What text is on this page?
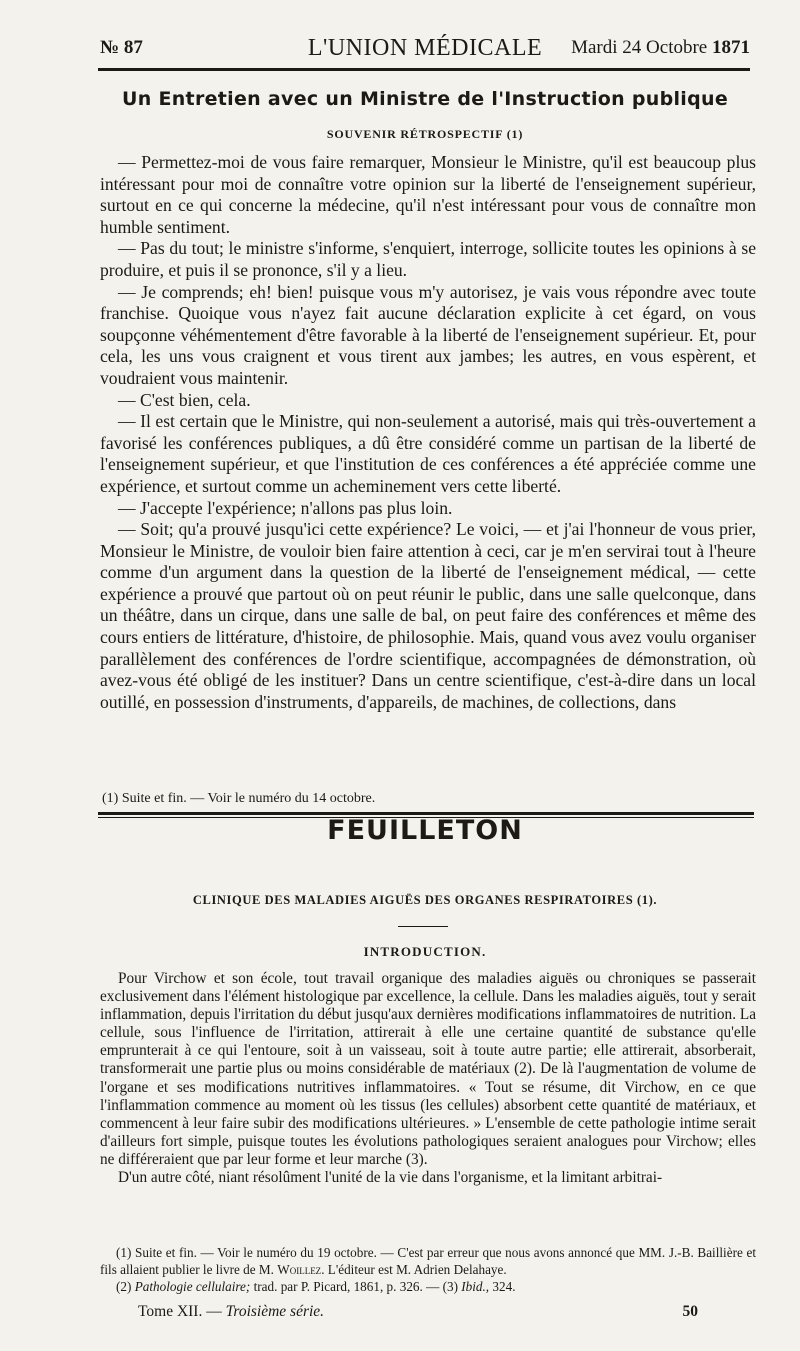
№ 87	L'UNION MÉDICALE	Mardi 24 Octobre 1871
Un Entretien avec un Ministre de l'Instruction publique
SOUVENIR RÉTROSPECTIF (1)

— Permettez-moi de vous faire remarquer, Monsieur le Ministre, qu'il est beaucoup plus intéressant pour moi de connaître votre opinion sur la liberté de l'enseignement supérieur, surtout en ce qui concerne la médecine, qu'il n'est intéressant pour vous de connaître mon humble sentiment.

— Pas du tout; le ministre s'informe, s'enquiert, interroge, sollicite toutes les opinions à se produire, et puis il se prononce, s'il y a lieu.

— Je comprends; eh! bien! puisque vous m'y autorisez, je vais vous répondre avec toute franchise. Quoique vous n'ayez fait aucune déclaration explicite à cet égard, on vous soupçonne véhémentement d'être favorable à la liberté de l'enseignement supérieur. Et, pour cela, les uns vous craignent et vous tirent aux jambes; les autres, en vous espèrent, et voudraient vous maintenir.

— C'est bien, cela.

— Il est certain que le Ministre, qui non-seulement a autorisé, mais qui très-ouvertement a favorisé les conférences publiques, a dû être considéré comme un partisan de la liberté de l'enseignement supérieur, et que l'institution de ces conférences a été appréciée comme une expérience, et surtout comme un acheminement vers cette liberté.

— J'accepte l'expérience; n'allons pas plus loin.

— Soit; qu'a prouvé jusqu'ici cette expérience? Le voici, — et j'ai l'honneur de vous prier, Monsieur le Ministre, de vouloir bien faire attention à ceci, car je m'en servirai tout à l'heure comme d'un argument dans la question de la liberté de l'enseignement médical, — cette expérience a prouvé que partout où on peut réunir le public, dans une salle quelconque, dans un théâtre, dans un cirque, dans une salle de bal, on peut faire des conférences et même des cours entiers de littérature, d'histoire, de philosophie. Mais, quand vous avez voulu organiser parallèlement des conférences de l'ordre scientifique, accompagnées de démonstration, où avez-vous été obligé de les instituer? Dans un centre scientifique, c'est-à-dire dans un local outillé, en possession d'instruments, d'appareils, de machines, de collections, dans

(1) Suite et fin. — Voir le numéro du 14 octobre.
FEUILLETON
CLINIQUE DES MALADIES AIGUËS DES ORGANES RESPIRATOIRES (1).
INTRODUCTION.

Pour Virchow et son école, tout travail organique des maladies aiguës ou chroniques se passerait exclusivement dans l'élément histologique par excellence, la cellule. Dans les maladies aiguës, tout y serait inflammation, depuis l'irritation du début jusqu'aux dernières modifications inflammatoires de nutrition. La cellule, sous l'influence de l'irritation, attirerait à elle une certaine quantité de substance qu'elle emprunterait à ce qui l'entoure, soit à un vaisseau, soit à toute autre partie; elle attirerait, absorberait, transformerait une partie plus ou moins considérable de matériaux (2). De là l'augmentation de volume de l'organe et ses modifications nutritives inflammatoires. « Tout se résume, dit Virchow, en ce que l'inflammation commence au moment où les tissus (les cellules) absorbent cette quantité de matériaux, et commencent à leur faire subir des modifications ultérieures. » L'ensemble de cette pathologie intime serait d'ailleurs fort simple, puisque toutes les évolutions pathologiques seraient analogues pour Virchow; elles ne différeraient que par leur forme et leur marche (3).

D'un autre côté, niant résolûment l'unité de la vie dans l'organisme, et la limitant arbitrai-

(1) Suite et fin. — Voir le numéro du 19 octobre. — C'est par erreur que nous avons annoncé que MM. J.-B. Baillière et fils allaient publier le livre de M. Woillez. L'éditeur est M. Adrien Delahaye.

(2) Pathologie cellulaire; trad. par P. Picard, 1861, p. 326. — (3) Ibid., 324.

Tome XII. — Troisième série.	50
